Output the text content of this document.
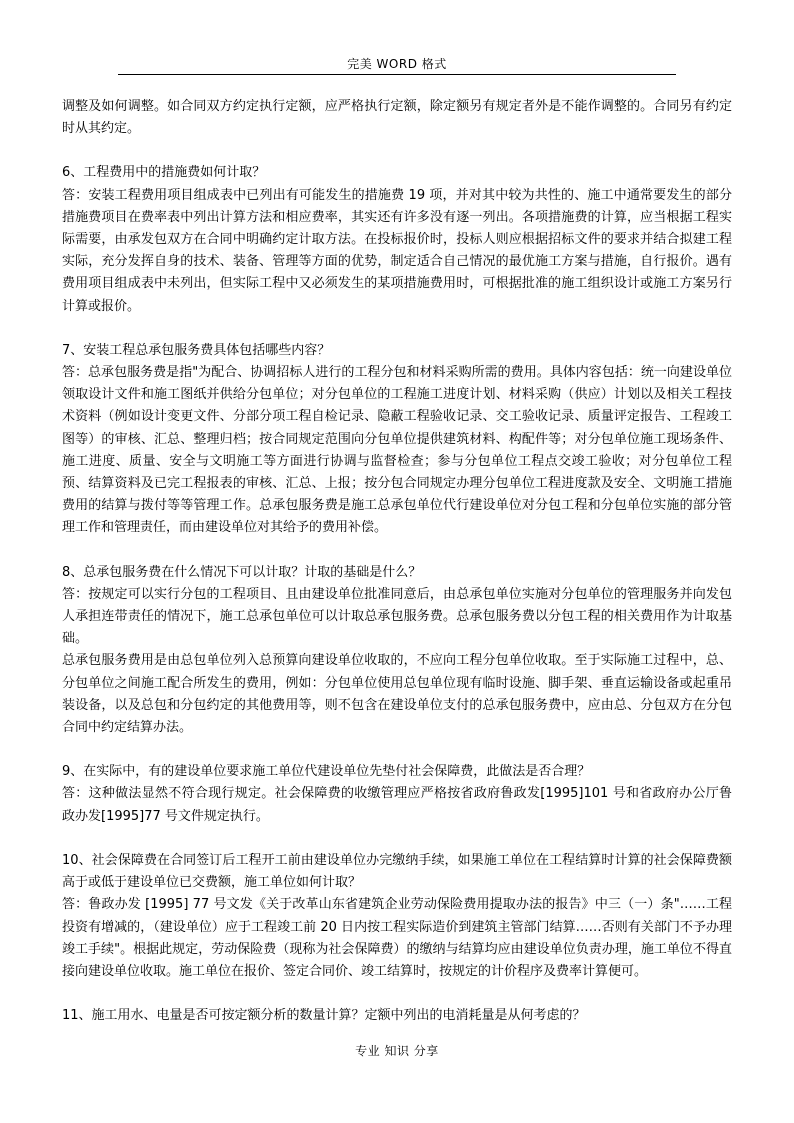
完美 WORD 格式

调整及如何调整。如合同双方约定执行定额，应严格执行定额，除定额另有规定者外是不能作调整的。合同另有约定时从其约定。

6、工程费用中的措施费如何计取？

答：安装工程费用项目组成表中已列出有可能发生的措施费 19 项，并对其中较为共性的、施工中通常要发生的部分措施费项目在费率表中列出计算方法和相应费率，其实还有许多没有逐一列出。各项措施费的计算，应当根据工程实际需要，由承发包双方在合同中明确约定计取方法。在投标报价时，投标人则应根据招标文件的要求并结合拟建工程实际，充分发挥自身的技术、装备、管理等方面的优势，制定适合自己情况的最优施工方案与措施，自行报价。遇有费用项目组成表中未列出，但实际工程中又必须发生的某项措施费用时，可根据批准的施工组织设计或施工方案另行计算或报价。

7、安装工程总承包服务费具体包括哪些内容？

答：总承包服务费是指"为配合、协调招标人进行的工程分包和材料采购所需的费用。具体内容包括：统一向建设单位领取设计文件和施工图纸并供给分包单位；对分包单位的工程施工进度计划、材料采购（供应）计划以及相关工程技术资料（例如设计变更文件、分部分项工程自检记录、隐蔽工程验收记录、交工验收记录、质量评定报告、工程竣工图等）的审核、汇总、整理归档；按合同规定范围向分包单位提供建筑材料、构配件等；对分包单位施工现场条件、施工进度、质量、安全与文明施工等方面进行协调与监督检查；参与分包单位工程点交竣工验收；对分包单位工程预、结算资料及已完工程报表的审核、汇总、上报；按分包合同规定办理分包单位工程进度款及安全、文明施工措施费用的结算与拨付等等管理工作。总承包服务费是施工总承包单位代行建设单位对分包工程和分包单位实施的部分管理工作和管理责任，而由建设单位对其给予的费用补偿。

8、总承包服务费在什么情况下可以计取？计取的基础是什么？

答：按规定可以实行分包的工程项目、且由建设单位批准同意后，由总承包单位实施对分包单位的管理服务并向发包人承担连带责任的情况下，施工总承包单位可以计取总承包服务费。总承包服务费以分包工程的相关费用作为计取基础。

总承包服务费用是由总包单位列入总预算向建设单位收取的，不应向工程分包单位收取。至于实际施工过程中，总、分包单位之间施工配合所发生的费用，例如：分包单位使用总包单位现有临时设施、脚手架、垂直运输设备或起重吊装设备，以及总包和分包约定的其他费用等，则不包含在建设单位支付的总承包服务费中，应由总、分包双方在分包合同中约定结算办法。

9、在实际中，有的建设单位要求施工单位代建设单位先垫付社会保障费，此做法是否合理？

答：这种做法显然不符合现行规定。社会保障费的收缴管理应严格按省政府鲁政发[1995]101 号和省政府办公厅鲁政办发[1995]77 号文件规定执行。

10、社会保障费在合同签订后工程开工前由建设单位办完缴纳手续，如果施工单位在工程结算时计算的社会保障费额高于或低于建设单位已交费额，施工单位如何计取？

答：鲁政办发 [1995] 77 号文发《关于改革山东省建筑企业劳动保险费用提取办法的报告》中三（一）条"……工程投资有增减的，（建设单位）应于工程竣工前 20 日内按工程实际造价到建筑主管部门结算……否则有关部门不予办理竣工手续"。根据此规定，劳动保险费（现称为社会保障费）的缴纳与结算均应由建设单位负责办理，施工单位不得直接向建设单位收取。施工单位在报价、签定合同价、竣工结算时，按规定的计价程序及费率计算便可。

11、施工用水、电量是否可按定额分析的数量计算？定额中列出的电消耗量是从何考虑的？

专业 知识 分享
